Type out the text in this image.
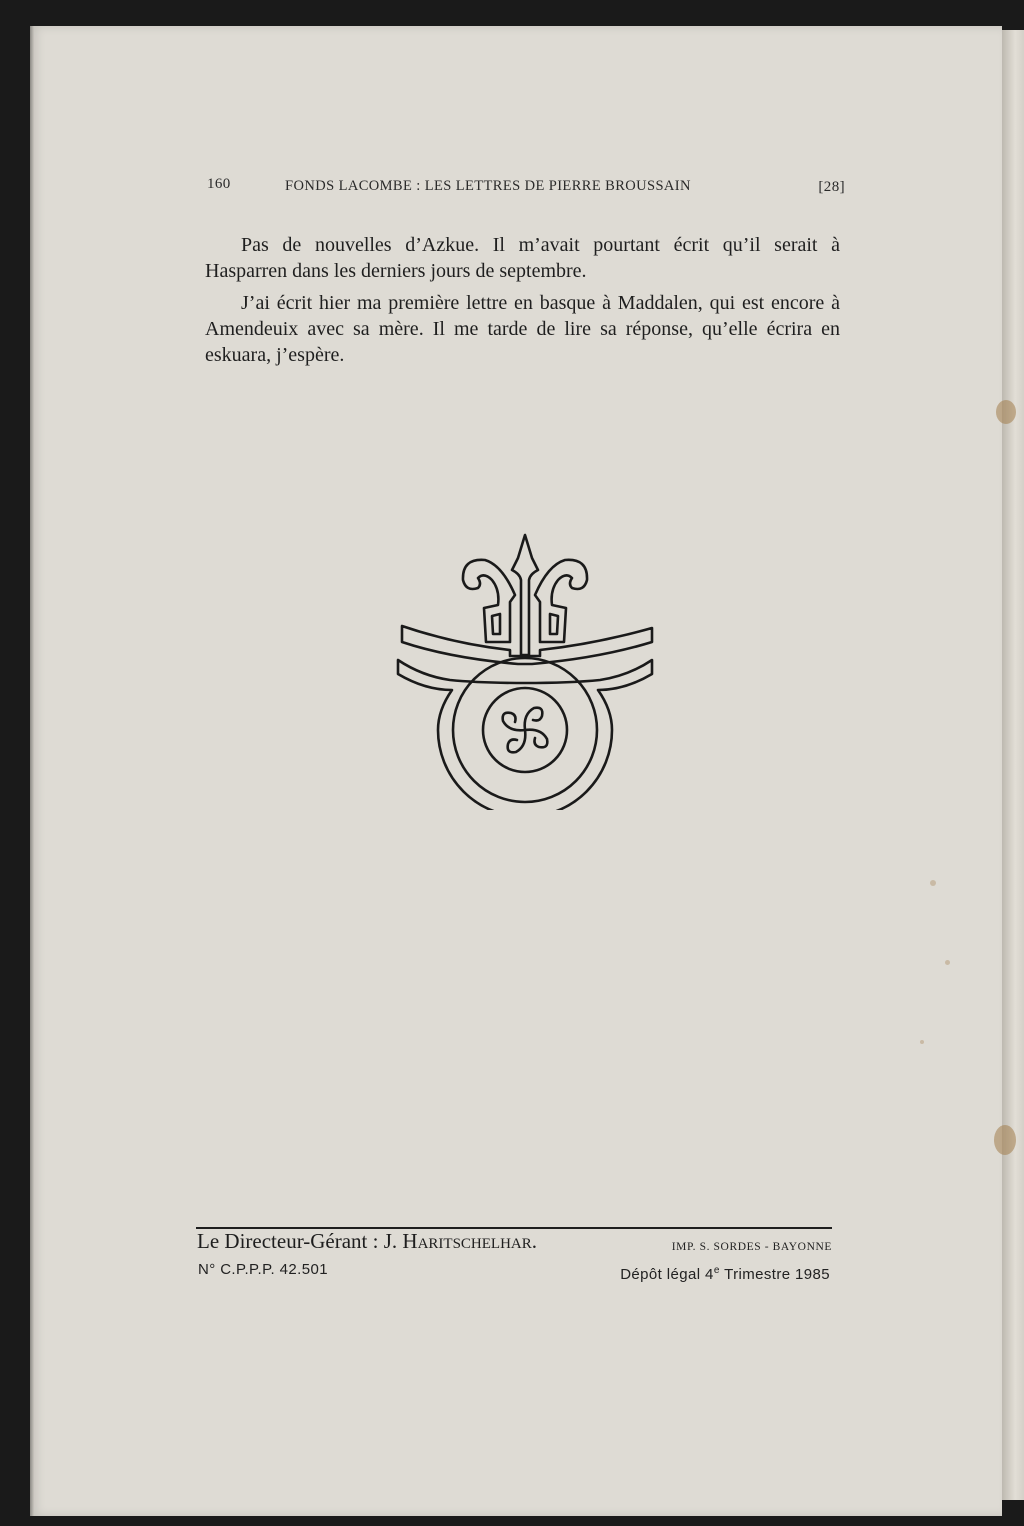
160	FONDS LACOMBE : LES LETTRES DE PIERRE BROUSSAIN	[28]

Pas de nouvelles d’Azkue. Il m’avait pourtant écrit qu’il serait à Hasparren dans les derniers jours de septembre.

J’ai écrit hier ma première lettre en basque à Maddalen, qui est encore à Amendeuix avec sa mère. Il me tarde de lire sa réponse, qu’elle écrira en eskuara, j’espère.

Le Directeur-Gérant : J. Haritschelhar.	IMP. S. SORDES - BAYONNE
N° C.P.P.P. 42.501	Dépôt légal 4e Trimestre 1985
